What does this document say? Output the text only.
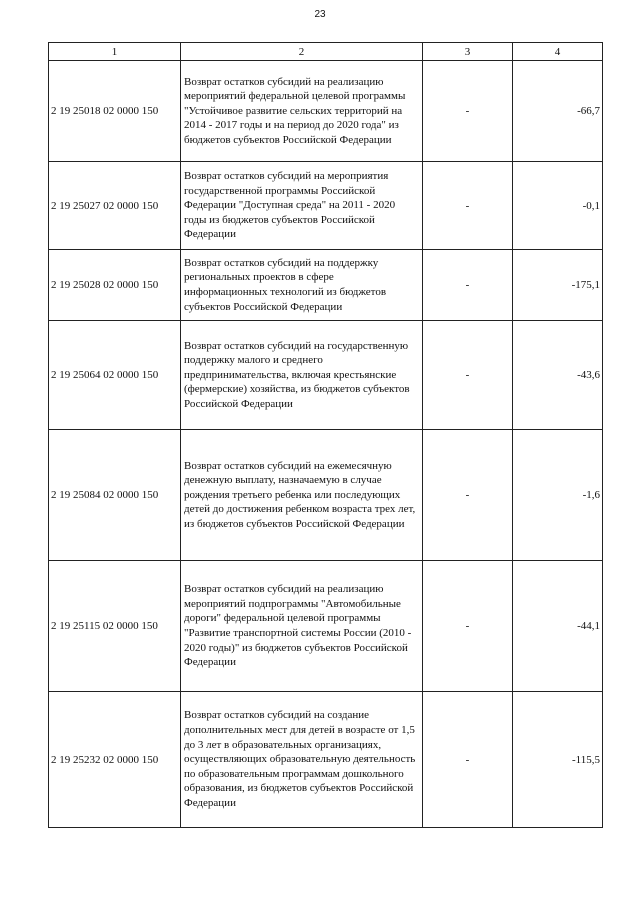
23
1	2	3	4
2 19 25018 02 0000 150	Возврат остатков субсидий на реализацию мероприятий федеральной целевой программы "Устойчивое развитие сельских территорий на 2014 - 2017 годы и на период до 2020 года" из бюджетов субъектов Российской Федерации	-	-66,7
2 19 25027 02 0000 150	Возврат остатков субсидий на мероприятия государственной программы Российской Федерации "Доступная среда" на 2011 - 2020 годы из бюджетов субъектов Российской Федерации	-	-0,1
2 19 25028 02 0000 150	Возврат остатков субсидий на поддержку региональных проектов в сфере информационных технологий из бюджетов субъектов Российской Федерации	-	-175,1
2 19 25064 02 0000 150	Возврат остатков субсидий на государственную поддержку малого и среднего предпринимательства, включая крестьянские (фермерские) хозяйства, из бюджетов субъектов Российской Федерации	-	-43,6
2 19 25084 02 0000 150	Возврат остатков субсидий на ежемесячную денежную выплату, назначаемую в случае рождения третьего ребенка или последующих детей до достижения ребенком возраста трех лет, из бюджетов субъектов Российской Федерации	-	-1,6
2 19 25115 02 0000 150	Возврат остатков субсидий на реализацию мероприятий подпрограммы "Автомобильные дороги" федеральной целевой программы "Развитие транспортной системы России (2010 - 2020 годы)" из бюджетов субъектов Российской Федерации	-	-44,1
2 19 25232 02 0000 150	Возврат остатков субсидий на создание дополнительных мест для детей в возрасте от 1,5 до 3 лет в образовательных организациях, осуществляющих образовательную деятельность по образовательным программам дошкольного образования, из бюджетов субъектов Российской Федерации	-	-115,5
